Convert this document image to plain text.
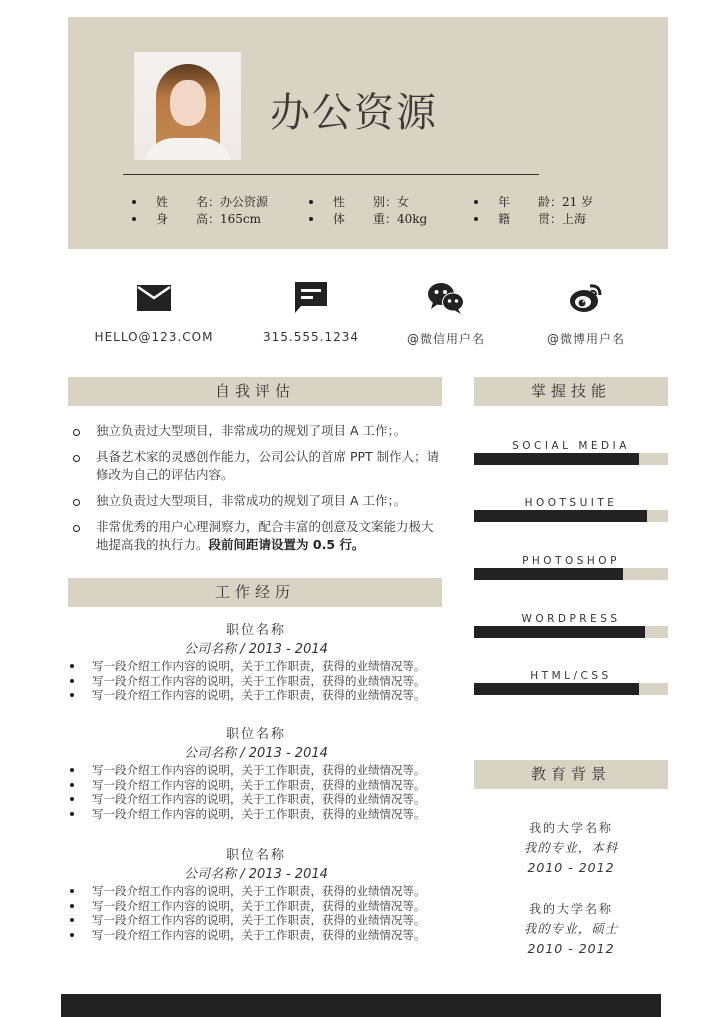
办公资源
姓	名： 办公资源	性	别： 女	年	龄： 21 岁
身	高： 165cm	体	重： 40kg	籍	贯： 上海
HELLO@123.COM	315.555.1234	@微信用户名	@微博用户名
自我评估
独立负责过大型项目，非常成功的规划了项目 A 工作；。
具备艺术家的灵感创作能力，公司公认的首席 PPT 制作人；请修改为自己的评估内容。
独立负责过大型项目，非常成功的规划了项目 A 工作；。
非常优秀的用户心理洞察力，配合丰富的创意及文案能力极大地提高我的执行力。段前间距请设置为 0.5 行。
工作经历
职位名称
公司名称 / 2013 - 2014
写一段介绍工作内容的说明，关于工作职责，获得的业绩情况等。
写一段介绍工作内容的说明，关于工作职责，获得的业绩情况等。
写一段介绍工作内容的说明，关于工作职责，获得的业绩情况等。
职位名称
公司名称 / 2013 - 2014
写一段介绍工作内容的说明，关于工作职责，获得的业绩情况等。
写一段介绍工作内容的说明，关于工作职责，获得的业绩情况等。
写一段介绍工作内容的说明，关于工作职责，获得的业绩情况等。
写一段介绍工作内容的说明，关于工作职责，获得的业绩情况等。
职位名称
公司名称 / 2013 - 2014
写一段介绍工作内容的说明，关于工作职责，获得的业绩情况等。
写一段介绍工作内容的说明，关于工作职责，获得的业绩情况等。
写一段介绍工作内容的说明，关于工作职责，获得的业绩情况等。
写一段介绍工作内容的说明，关于工作职责，获得的业绩情况等。
掌握技能
SOCIAL MEDIA
HOOTSUITE
PHOTOSHOP
WORDPRESS
HTML/CSS
教育背景
我的大学名称
我的专业，本科
2010 - 2012
我的大学名称
我的专业，硕士
2010 - 2012
